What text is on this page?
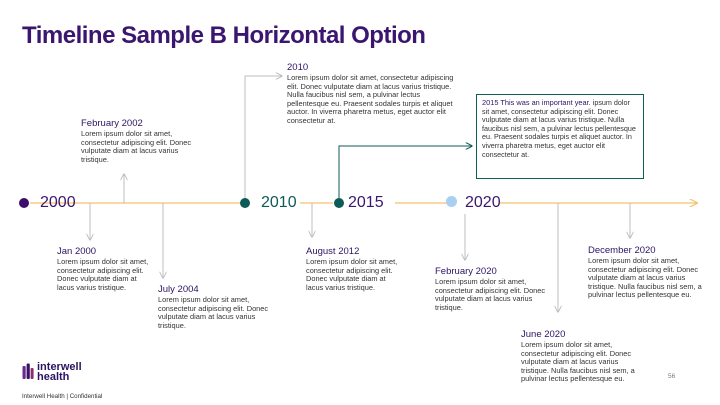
Timeline Sample B Horizontal Option
2000	2010	2015	2020
February 2002
Lorem ipsum dolor sit amet, consectetur adipiscing elit. Donec vulputate diam at lacus varius tristique.
2010
Lorem ipsum dolor sit amet, consectetur adipiscing elit. Donec vulputate diam at lacus varius tristique. Nulla faucibus nisl sem, a pulvinar lectus pellentesque eu. Praesent sodales turpis et aliquet auctor. In viverra pharetra metus, eget auctor elit consectetur at.
2015 This was an important year. ipsum dolor sit amet, consectetur adipiscing elit. Donec vulputate diam at lacus varius tristique. Nulla faucibus nisl sem, a pulvinar lectus pellentesque eu. Praesent sodales turpis et aliquet auctor. In viverra pharetra metus, eget auctor elit consectetur at.
Jan 2000
Lorem ipsum dolor sit amet, consectetur adipiscing elit. Donec vulputate diam at lacus varius tristique.	July 2004
Lorem ipsum dolor sit amet, consectetur adipiscing elit. Donec vulputate diam at lacus varius tristique.
August 2012
Lorem ipsum dolor sit amet, consectetur adipiscing elit. Donec vulputate diam at lacus varius tristique.
February 2020
Lorem ipsum dolor sit amet, consectetur adipiscing elit. Donec vulputate diam at lacus varius tristique.
December 2020
Lorem ipsum dolor sit amet, consectetur adipiscing elit. Donec vulputate diam at lacus varius tristique. Nulla faucibus nisl sem, a pulvinar lectus pellentesque eu.
June 2020
Lorem ipsum dolor sit amet, consectetur adipiscing elit. Donec vulputate diam at lacus varius tristique. Nulla faucibus nisl sem, a pulvinar lectus pellentesque eu.
interwell
health
Interwell Health | Confidential
56
